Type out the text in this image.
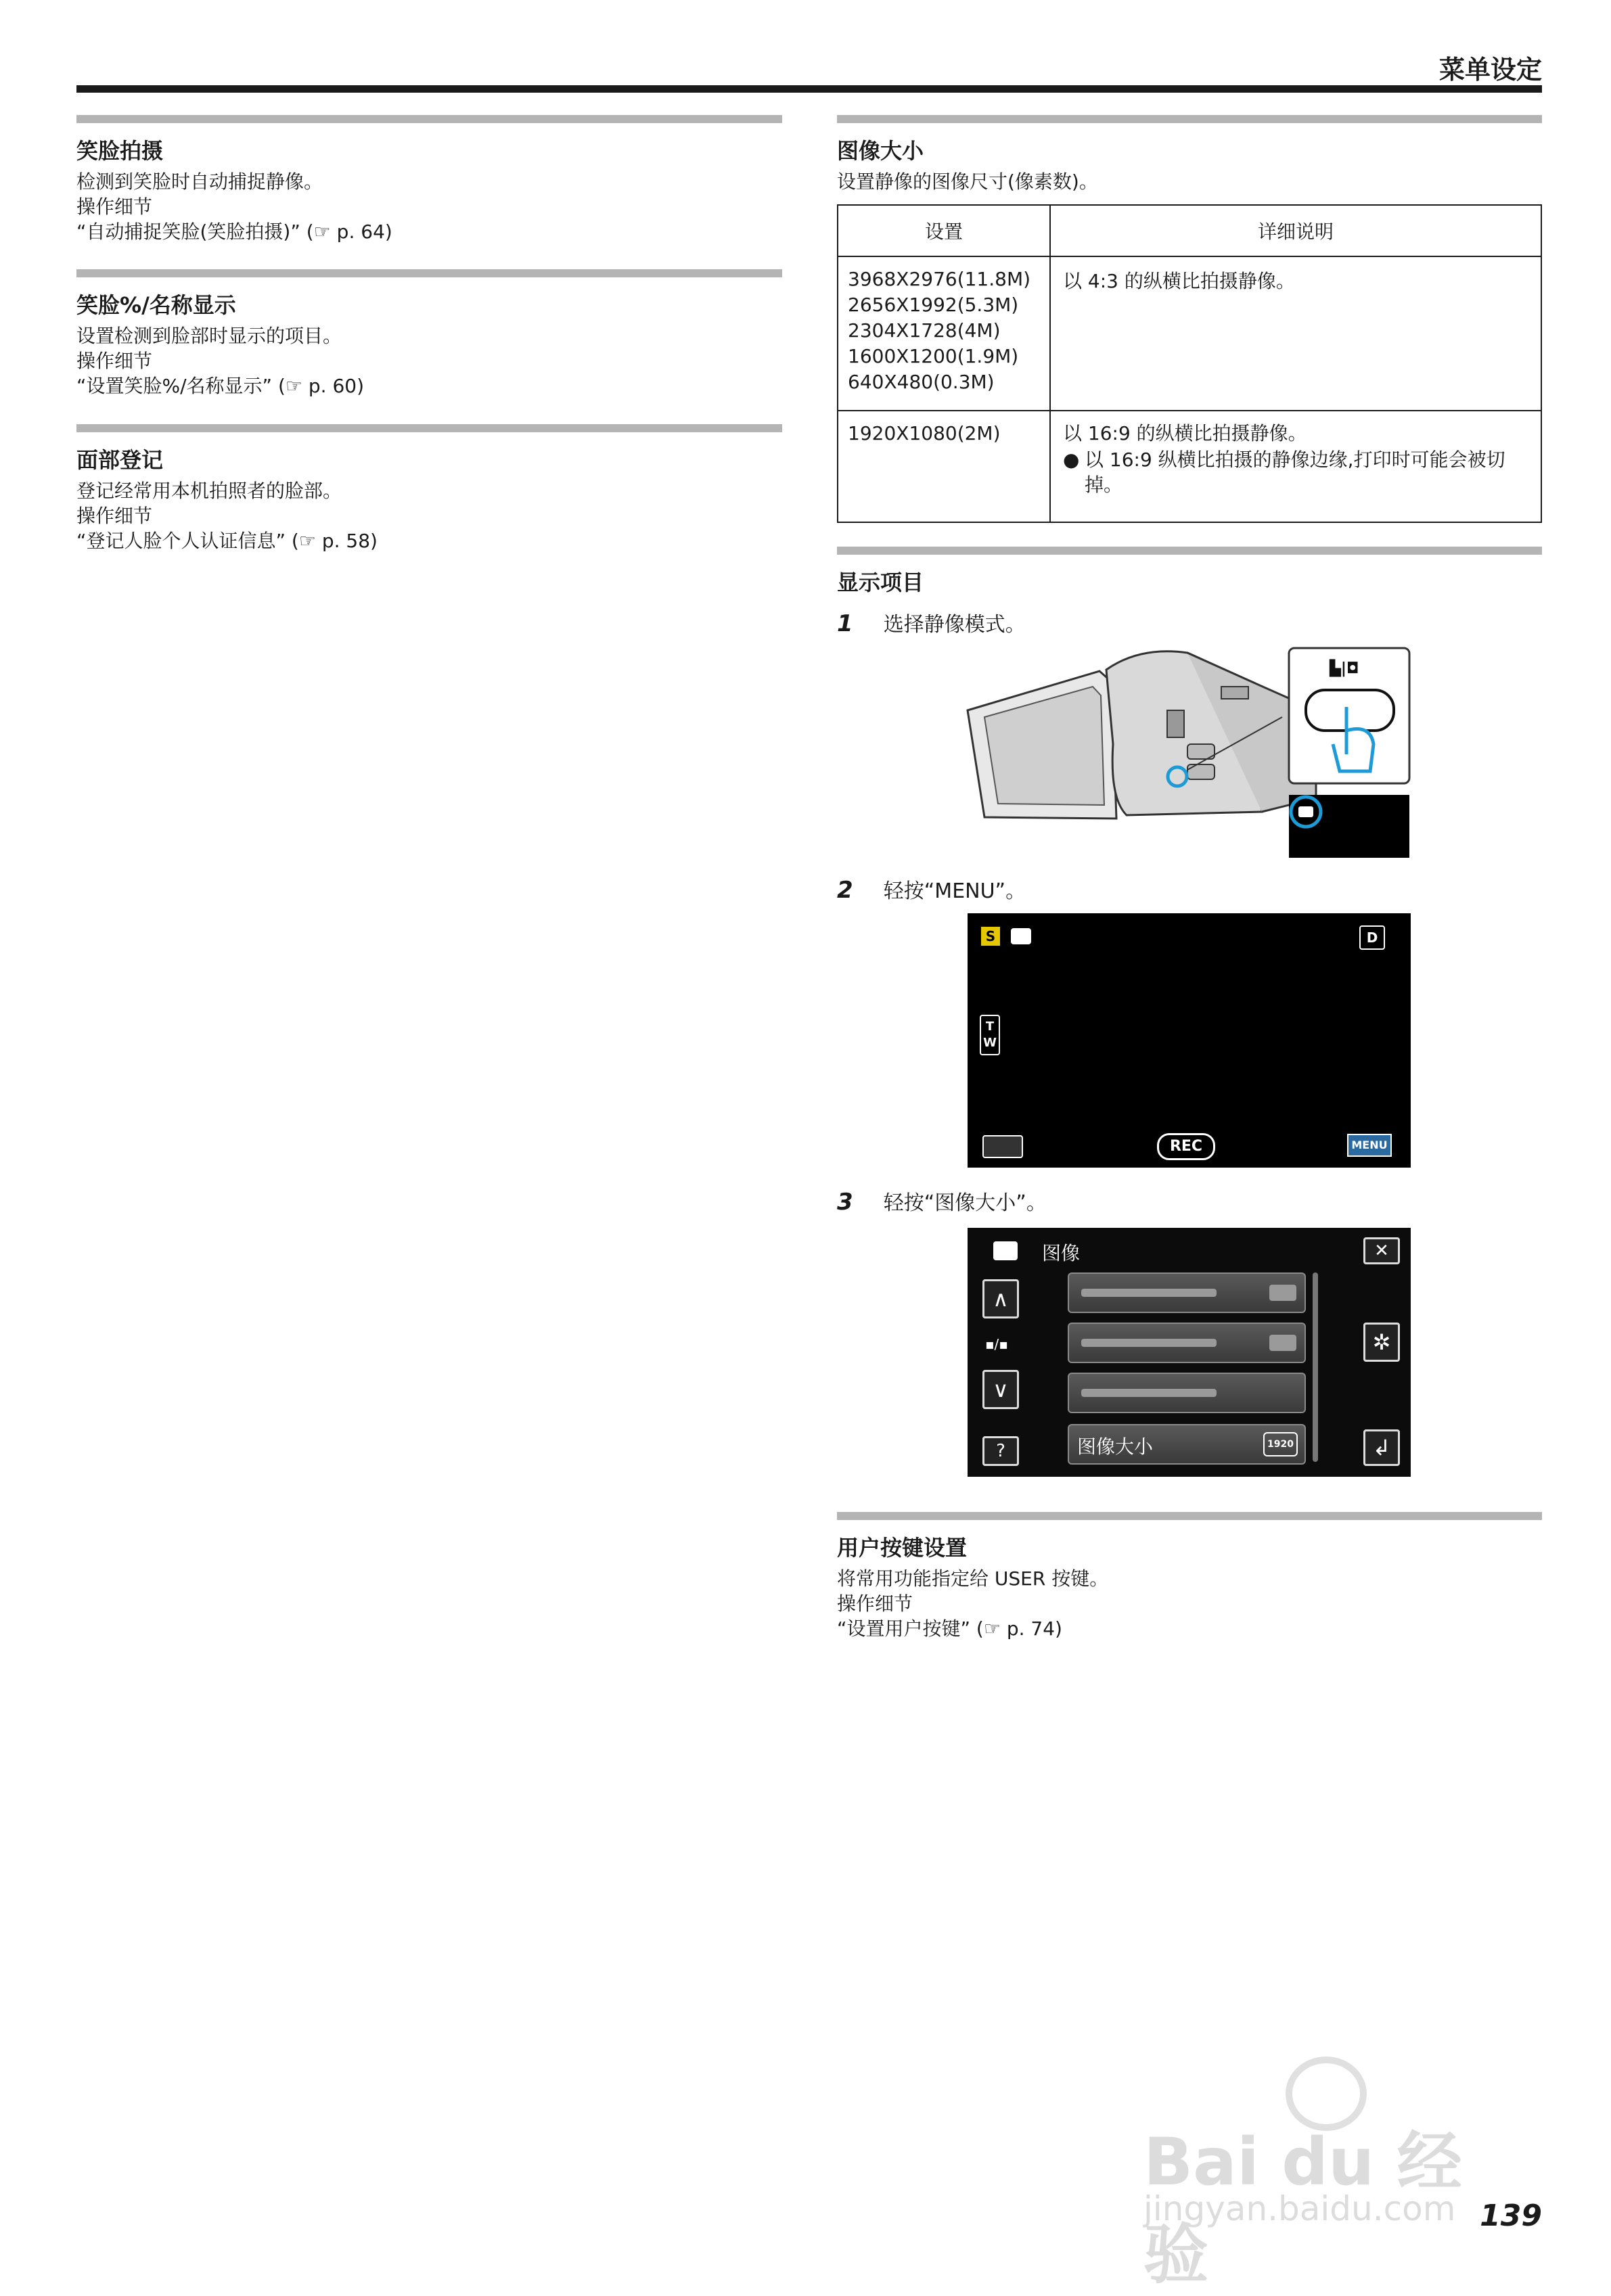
菜单设定
笑脸拍摄
检测到笑脸时自动捕捉静像。
操作细节
“自动捕捉笑脸(笑脸拍摄)” (☞ p. 64)
笑脸%/名称显示
设置检测到脸部时显示的项目。
操作细节
“设置笑脸%/名称显示” (☞ p. 60)
面部登记
登记经常用本机拍照者的脸部。
操作细节
“登记人脸个人认证信息” (☞ p. 58)
图像大小
设置静像的图像尺寸(像素数)。
设置	详细说明

3968X2976(11.8M)
2656X1992(5.3M)
2304X1728(4M)
1600X1200(1.9M)
640X480(0.3M)	以 4:3 的纵横比拍摄静像。

1920X1080(2M)	以 16:9 的纵横比拍摄静像。
● 以 16:9 纵横比拍摄的静像边缘,打印时可能会被切掉。
显示项目
1 选择静像模式。
▙|◘
2 轻按“MENU”。
S	D
T W
REC	MENU
3 轻按“图像大小”。
图像	✕
∧
▪/▪
∨
?	图像大小	1920
✲
↲
用户按键设置
将常用功能指定给 USER 按键。
操作细节
“设置用户按键” (☞ p. 74)
Bai du 经验
jingyan.baidu.com 139
